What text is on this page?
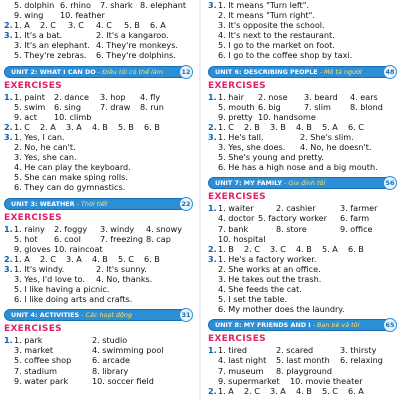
5. dolphin 6. rhino 7. shark 8. elephant
9. wing 10. feather
2. 1. A 2. C 3. C 4. C 5. B 6. A
3. 1. It's a bat.	2. It's a kangaroo.
3. It's an elephant. 4. They're monkeys.
5. They're zebras. 6. They're dolphins.
UNIT 2: WHAT I CAN DO - Điều tôi có thể làm	12
EXERCISES
1. 1. paint 2. dance 3. hop 4. fly
5. swim 6. sing 7. draw 8. run
9. act 10. climb
2. 1. C 2. A 3. A 4. B 5. B 6. B
3. 1. Yes, I can.
2. No, he can't.
3. Yes, she can.
4. He can play the keyboard.
5. She can make sping rolls.
6. They can do gymnastics.
UNIT 3: WEATHER - Thời tiết	22
EXERCISES
1. 1. rainy 2. foggy 3. windy 4. snowy
5. hot 6. cool 7. freezing 8. cap
9. gloves 10. raincoat
2. 1. A 2. C 3. A 4. B 5. C 6. B
3. 1. It's windy.	2. It's sunny.
3. Yes, I'd love to. 4. No, thanks.
5. I like having a picnic.
6. I like doing arts and crafts.
UNIT 4: ACTIVITIES - Các hoạt động	31
EXERCISES
1. 1. park	2. studio
3. market	4. swimming pool
5. coffee shop	6. arcade
7. stadium	8. library
9. water park	10. soccer field
3. 1. It means "Turn left".
2. It means "Turn right".
3. It's opposite the school.
4. It's next to the restaurant.
5. I go to the market on foot.
6. I go to the coffee shop by taxi.
UNIT 6: DESCRIBING PEOPLE - Mô tả người	48
EXERCISES
1. 1. hair 2. nose 3. beard 4. ears
5. mouth 6. big	7. slim 8. blond
9. pretty 10. handsome
2. 1. C 2. B 3. B 4. B 5. A 6. C
3. 1. He's tall.	2. She's slim.
3. Yes, she does. 4. No, he doesn't.
5. She's young and pretty.
6. He has a high nose and a big mouth.
UNIT 7: MY FAMILY - Gia đình tôi	56
EXERCISES
1. 1. waiter	2. cashier	3. farmer
4. doctor 5. factory worker 6. farm
7. bank	8. store	9. office
10. hospital
2. 1. B 2. C 3. C 4. B 5. A 6. B
3. 1. He's a factory worker.
2. She works at an office.
3. He takes out the trash.
4. She feeds the cat.
5. I set the table.
6. My mother does the laundry.
UNIT 8: MY FRIENDS AND I - Bạn bè và tôi	65
EXERCISES
1. 1. tired	2. scared	3. thirsty
4. last night 5. last month 6. relaxing
7. museum 8. playground
9. supermarket 10. movie theater
2. 1. A 2. C 3. A 4. B 5. C 6. A
